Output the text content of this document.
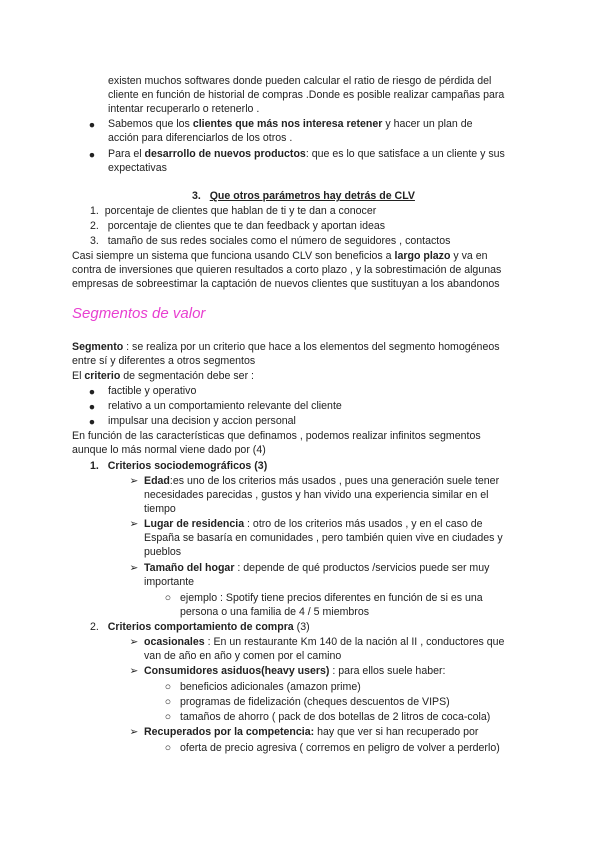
existen muchos softwares donde pueden calcular el ratio de riesgo de pérdida del
cliente en función de historial de compras .Donde es posible realizar campañas para
intentar recuperarlo o retenerlo .
● Sabemos que los clientes que más nos interesa retener y hacer un plan de
acción para diferenciarlos de los otros .
● Para el desarrollo de nuevos productos: que es lo que satisface a un cliente y sus
expectativas
3. Que otros parámetros hay detrás de CLV
1. porcentaje de clientes que hablan de ti y te dan a conocer
2. porcentaje de clientes que te dan feedback y aportan ideas
3. tamaño de sus redes sociales como el número de seguidores , contactos
Casi siempre un sistema que funciona usando CLV son beneficios a largo plazo y va en
contra de inversiones que quieren resultados a corto plazo , y la sobrestimación de algunas
empresas de sobreestimar la captación de nuevos clientes que sustituyan a los abandonos
Segmentos de valor
Segmento : se realiza por un criterio que hace a los elementos del segmento homogéneos
entre sí y diferentes a otros segmentos
El criterio de segmentación debe ser :
● factible y operativo
● relativo a un comportamiento relevante del cliente
● impulsar una decision y accion personal
En función de las características que definamos , podemos realizar infinitos segmentos
aunque lo más normal viene dado por (4)
1. Criterios sociodemográficos (3)
➢ Edad:es uno de los criterios más usados , pues una generación suele tener
necesidades parecidas , gustos y han vivido una experiencia similar en el
tiempo
➢ Lugar de residencia : otro de los criterios más usados , y en el caso de
España se basaría en comunidades , pero también quien vive en ciudades y
pueblos
➢ Tamaño del hogar : depende de qué productos /servicios puede ser muy
importante
○ ejemplo : Spotify tiene precios diferentes en función de si es una
persona o una familia de 4 / 5 miembros
2. Criterios comportamiento de compra (3)
➢ ocasionales : En un restaurante Km 140 de la nación al II , conductores que
van de año en año y comen por el camino
➢ Consumidores asiduos(heavy users) : para ellos suele haber:
○ beneficios adicionales (amazon prime)
○ programas de fidelización (cheques descuentos de VIPS)
○ tamaños de ahorro ( pack de dos botellas de 2 litros de coca-cola)
➢ Recuperados por la competencia: hay que ver si han recuperado por
○ oferta de precio agresiva ( corremos en peligro de volver a perderlo)
